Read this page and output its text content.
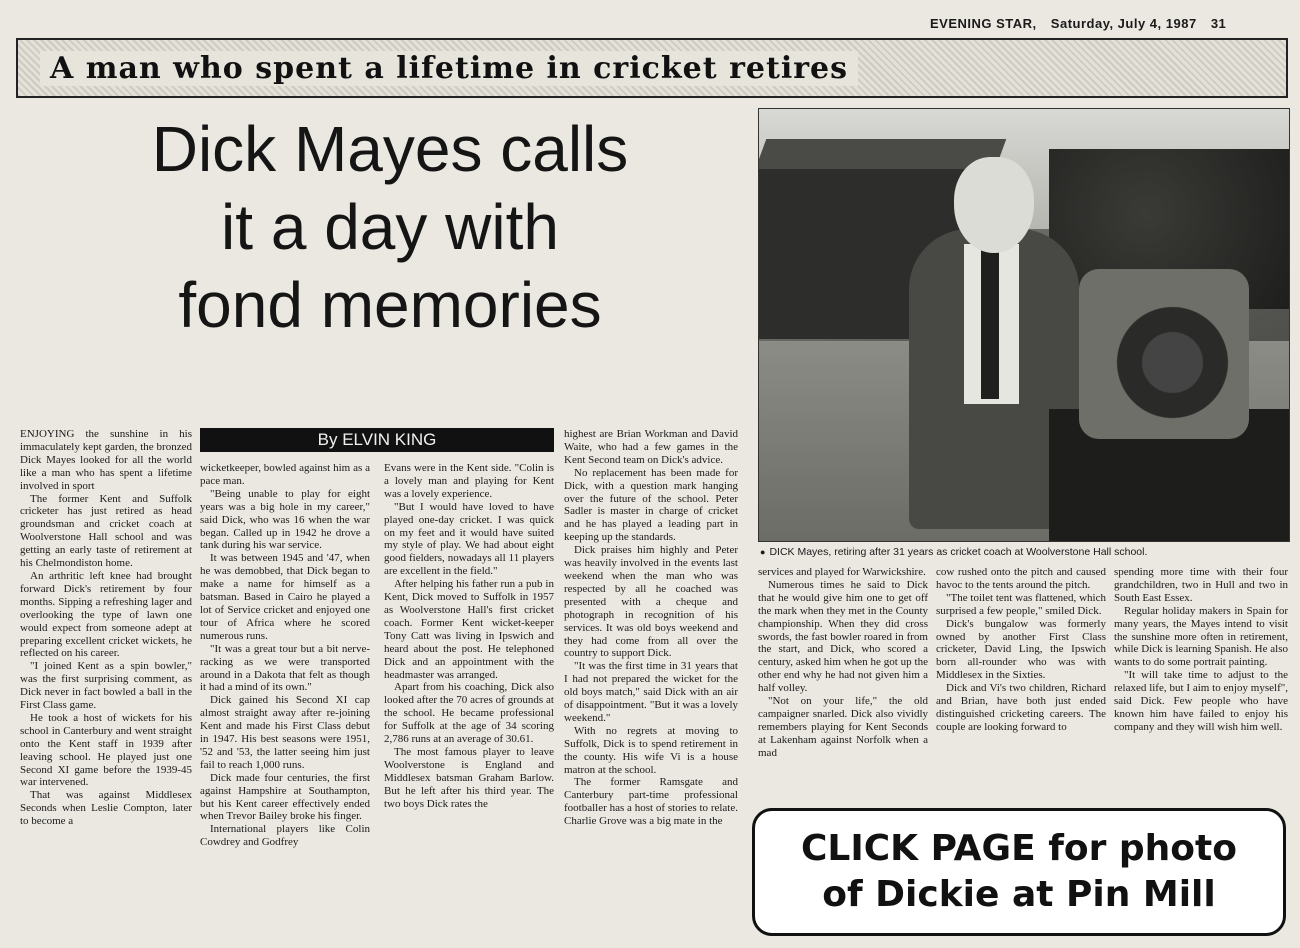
EVENING STAR, Saturday, July 4, 1987 31
A man who spent a lifetime in cricket retires
Dick Mayes calls
it a day with
fond memories
● DICK Mayes, retiring after 31 years as cricket coach at Woolverstone Hall school.
By ELVIN KING

ENJOYING the sunshine in his immaculately kept garden, the bronzed Dick Mayes looked for all the world like a man who has spent a lifetime involved in sport

The former Kent and Suffolk cricketer has just retired as head groundsman and cricket coach at Woolverstone Hall school and was getting an early taste of retirement at his Chelmondiston home.

An arthritic left knee had brought forward Dick's retirement by four months. Sipping a refreshing lager and overlooking the type of lawn one would expect from someone adept at preparing excellent cricket wickets, he reflected on his career.

"I joined Kent as a spin bowler," was the first surprising comment, as Dick never in fact bowled a ball in the First Class game.

He took a host of wickets for his school in Canterbury and went straight onto the Kent staff in 1939 after leaving school. He played just one Second XI game before the 1939-45 war intervened.

That was against Middlesex Seconds when Leslie Compton, later to become a

wicketkeeper, bowled against him as a pace man.

"Being unable to play for eight years was a big hole in my career," said Dick, who was 16 when the war began. Called up in 1942 he drove a tank during his war service.

It was between 1945 and '47, when he was demobbed, that Dick began to make a name for himself as a batsman. Based in Cairo he played a lot of Service cricket and enjoyed one tour of Africa where he scored numerous runs.

"It was a great tour but a bit nerve-racking as we were transported around in a Dakota that felt as though it had a mind of its own."

Dick gained his Second XI cap almost straight away after re-joining Kent and made his First Class debut in 1947. His best seasons were 1951, '52 and '53, the latter seeing him just fail to reach 1,000 runs.

Dick made four centuries, the first against Hampshire at Southampton, but his Kent career effectively ended when Trevor Bailey broke his finger.

International players like Colin Cowdrey and Godfrey

Evans were in the Kent side. "Colin is a lovely man and playing for Kent was a lovely experience.

"But I would have loved to have played one-day cricket. I was quick on my feet and it would have suited my style of play. We had about eight good fielders, nowadays all 11 players are excellent in the field."

After helping his father run a pub in Kent, Dick moved to Suffolk in 1957 as Woolverstone Hall's first cricket coach. Former Kent wicket-keeper Tony Catt was living in Ipswich and heard about the post. He telephoned Dick and an appointment with the headmaster was arranged.

Apart from his coaching, Dick also looked after the 70 acres of grounds at the school. He became professional for Suffolk at the age of 34 scoring 2,786 runs at an average of 30.61.

The most famous player to leave Woolverstone is England and Middlesex batsman Graham Barlow. But he left after his third year. The two boys Dick rates the

highest are Brian Workman and David Waite, who had a few games in the Kent Second team on Dick's advice.

No replacement has been made for Dick, with a question mark hanging over the future of the school. Peter Sadler is master in charge of cricket and he has played a leading part in keeping up the standards.

Dick praises him highly and Peter was heavily involved in the events last weekend when the man who was respected by all he coached was presented with a cheque and photograph in recognition of his services. It was old boys weekend and they had come from all over the country to support Dick.

"It was the first time in 31 years that I had not prepared the wicket for the old boys match," said Dick with an air of disappointment. "But it was a lovely weekend."

With no regrets at moving to Suffolk, Dick is to spend retirement in the county. His wife Vi is a house matron at the school.

The former Ramsgate and Canterbury part-time professional footballer has a host of stories to relate. Charlie Grove was a big mate in the

services and played for Warwickshire.

Numerous times he said to Dick that he would give him one to get off the mark when they met in the County championship. When they did cross swords, the fast bowler roared in from the start, and Dick, who scored a century, asked him when he got up the other end why he had not given him a half volley.

"Not on your life," the old campaigner snarled. Dick also vividly remembers playing for Kent Seconds at Lakenham against Norfolk when a mad

cow rushed onto the pitch and caused havoc to the tents around the pitch.

"The toilet tent was flattened, which surprised a few people," smiled Dick.

Dick's bungalow was formerly owned by another First Class cricketer, David Ling, the Ipswich born all-rounder who was with Middlesex in the Sixties.

Dick and Vi's two children, Richard and Brian, have both just ended distinguished cricketing careers. The couple are looking forward to

spending more time with their four grandchildren, two in Hull and two in South East Essex.

Regular holiday makers in Spain for many years, the Mayes intend to visit the sunshine more often in retirement, while Dick is learning Spanish. He also wants to do some portrait painting.

"It will take time to adjust to the relaxed life, but I aim to enjoy myself", said Dick. Few people who have known him have failed to enjoy his company and they will wish him well.

CLICK PAGE for photo
of Dickie at Pin Mill
